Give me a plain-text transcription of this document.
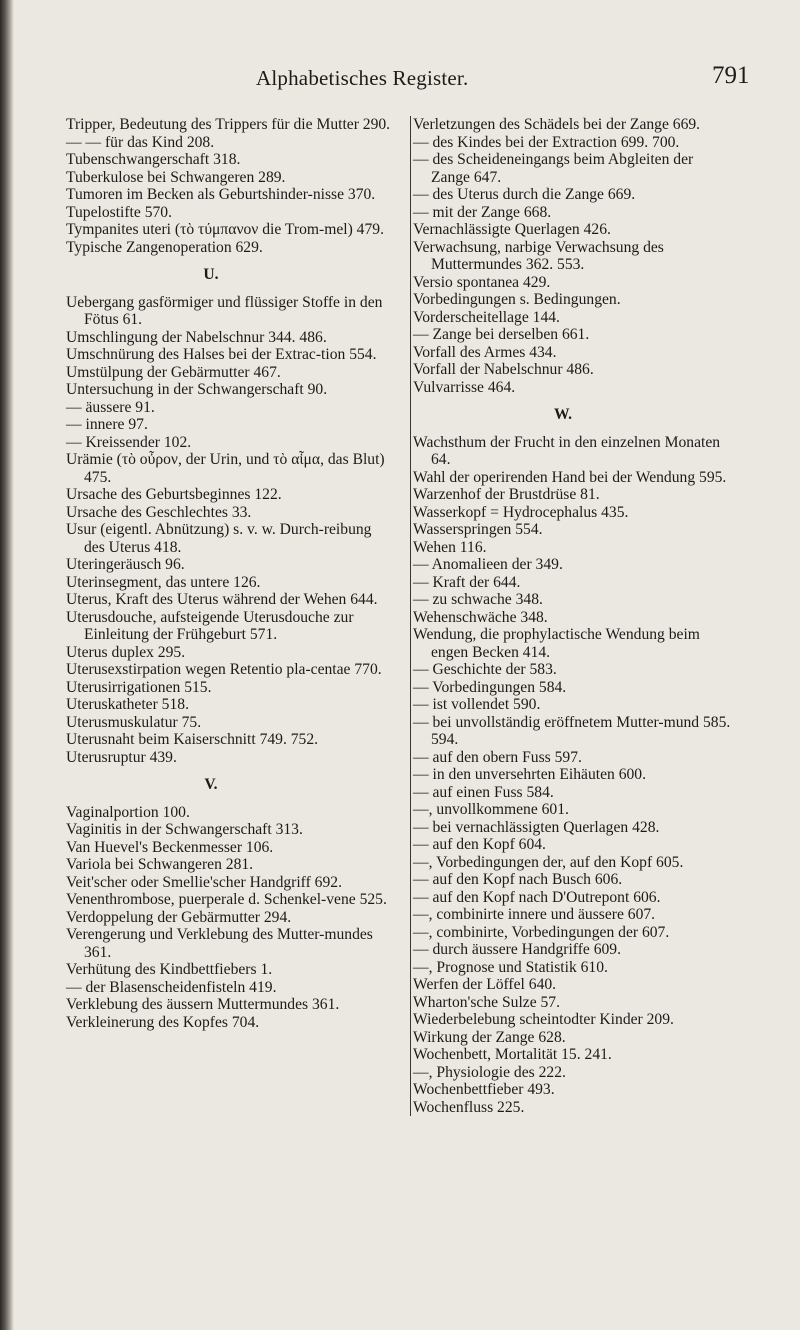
Alphabetisches Register.	791
Tripper, Bedeutung des Trippers für die Mutter 290.
— — für das Kind 208.
Tubenschwangerschaft 318.
Tuberkulose bei Schwangeren 289.
Tumoren im Becken als Geburtshinder-nisse 370.
Tupelostifte 570.
Tympanites uteri (τὸ τύμπανον die Trom-mel) 479.
Typische Zangenoperation 629.
U.
Uebergang gasförmiger und flüssiger Stoffe in den Fötus 61.
Umschlingung der Nabelschnur 344. 486.
Umschnürung des Halses bei der Extrac-tion 554.
Umstülpung der Gebärmutter 467.
Untersuchung in der Schwangerschaft 90.
— äussere 91.
— innere 97.
— Kreissender 102.
Urämie (τὸ οὖρον, der Urin, und τὸ αἷμα, das Blut) 475.
Ursache des Geburtsbeginnes 122.
Ursache des Geschlechtes 33.
Usur (eigentl. Abnützung) s. v. w. Durch-reibung des Uterus 418.
Uteringeräusch 96.
Uterinsegment, das untere 126.
Uterus, Kraft des Uterus während der Wehen 644.
Uterusdouche, aufsteigende Uterusdouche zur Einleitung der Frühgeburt 571.
Uterus duplex 295.
Uterusexstirpation wegen Retentio pla-centae 770.
Uterusirrigationen 515.
Uteruskatheter 518.
Uterusmuskulatur 75.
Uterusnaht beim Kaiserschnitt 749. 752.
Uterusruptur 439.
V.
Vaginalportion 100.
Vaginitis in der Schwangerschaft 313.
Van Huevel's Beckenmesser 106.
Variola bei Schwangeren 281.
Veit'scher oder Smellie'scher Handgriff 692.
Venenthrombose, puerperale d. Schenkel-vene 525.
Verdoppelung der Gebärmutter 294.
Verengerung und Verklebung des Mutter-mundes 361.
Verhütung des Kindbettfiebers 1.
— der Blasenscheidenfisteln 419.
Verklebung des äussern Muttermundes 361.
Verkleinerung des Kopfes 704.
Verletzungen des Schädels bei der Zange 669.
— des Kindes bei der Extraction 699. 700.
— des Scheideneingangs beim Abgleiten der Zange 647.
— des Uterus durch die Zange 669.
— mit der Zange 668.
Vernachlässigte Querlagen 426.
Verwachsung, narbige Verwachsung des Muttermundes 362. 553.
Versio spontanea 429.
Vorbedingungen s. Bedingungen.
Vorderscheitellage 144.
— Zange bei derselben 661.
Vorfall des Armes 434.
Vorfall der Nabelschnur 486.
Vulvarrisse 464.
W.
Wachsthum der Frucht in den einzelnen Monaten 64.
Wahl der operirenden Hand bei der Wendung 595.
Warzenhof der Brustdrüse 81.
Wasserkopf = Hydrocephalus 435.
Wasserspringen 554.
Wehen 116.
— Anomalieen der 349.
— Kraft der 644.
— zu schwache 348.
Wehenschwäche 348.
Wendung, die prophylactische Wendung beim engen Becken 414.
— Geschichte der 583.
— Vorbedingungen 584.
— ist vollendet 590.
— bei unvollständig eröffnetem Mutter-mund 585. 594.
— auf den obern Fuss 597.
— in den unversehrten Eihäuten 600.
— auf einen Fuss 584.
—, unvollkommene 601.
— bei vernachlässigten Querlagen 428.
— auf den Kopf 604.
—, Vorbedingungen der, auf den Kopf 605.
— auf den Kopf nach Busch 606.
— auf den Kopf nach D'Outrepont 606.
—, combinirte innere und äussere 607.
—, combinirte, Vorbedingungen der 607.
— durch äussere Handgriffe 609.
—, Prognose und Statistik 610.
Werfen der Löffel 640.
Wharton'sche Sulze 57.
Wiederbelebung scheintodter Kinder 209.
Wirkung der Zange 628.
Wochenbett, Mortalität 15. 241.
—, Physiologie des 222.
Wochenbettfieber 493.
Wochenfluss 225.
